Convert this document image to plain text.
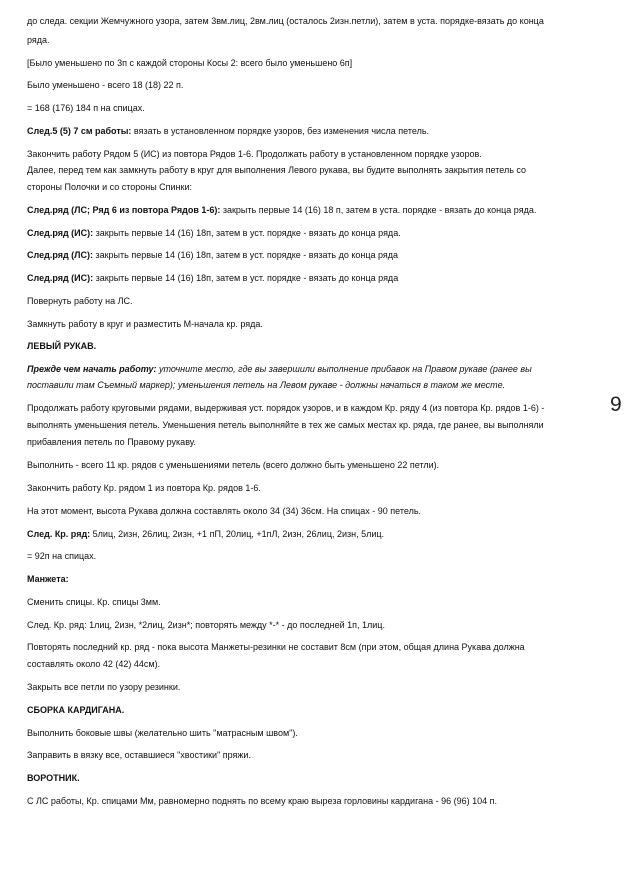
до следа. секции Жемчужного узора, затем 3вм.лиц, 2вм.лиц (осталось 2изн.петли), затем в уста. порядке-вязать до конца
ряда.
[Было уменьшено по 3п с каждой стороны Косы 2: всего было уменьшено 6п]
Было уменьшено - всего 18 (18) 22 п.
= 168 (176) 184 п на спицах.
След.5 (5) 7 см работы: вязать в установленном порядке узоров, без изменения числа петель.
Закончить работу Рядом 5 (ИС) из повтора Рядов 1-6. Продолжать работу в установленном порядке узоров.
Далее, перед тем как замкнуть работу в круг для выполнения Левого рукава, вы будите выполнять закрытия петель со
стороны Полочки и со стороны Спинки:
След.ряд (ЛС; Ряд 6 из повтора Рядов 1-6): закрыть первые 14 (16) 18 п, затем в уста. порядке - вязать до конца ряда.
След.ряд (ИС): закрыть первые 14 (16) 18п, затем в уст. порядке - вязать до конца ряда.
След.ряд (ЛС): закрыть первые 14 (16) 18п, затем в уст. порядке - вязать до конца ряда
След.ряд (ИС): закрыть первые 14 (16) 18п, затем в уст. порядке - вязать до конца ряда
Повернуть работу на ЛС.
Замкнуть работу в круг и разместить М-начала кр. ряда.
ЛЕВЫЙ РУКАВ.
Прежде чем начать работу: уточните место, где вы завершили выполнение прибавок на Правом рукаве (ранее вы
поставили там Съемный маркер); уменьшения петель на Левом рукаве - должны начаться в таком же месте.
Продолжать работу круговыми рядами, выдерживая уст. порядок узоров, и в каждом Кр. ряду 4 (из повтора Кр. рядов 1-6) -
выполнять уменьшения петель. Уменьшения петель выполняйте в тех же самых местах кр. ряда, где ранее, вы выполняли
прибавления петель по Правому рукаву.
Выполнить - всего 11 кр. рядов с уменьшениями петель (всего должно быть уменьшено 22 петли).
Закончить работу Кр. рядом 1 из повтора Кр. рядов 1-6.
На этот момент, высота Рукава должна составлять около 34 (34) 36см. На спицах - 90 петель.
След. Кр. ряд: 5лиц, 2изн, 26лиц, 2изн, +1 пП, 20лиц, +1пЛ, 2изн, 26лиц, 2изн, 5лиц.
= 92п на спицах.
Манжета:
Сменить спицы. Кр. спицы 3мм.
След. Кр. ряд: 1лиц, 2изн, *2лиц, 2изн*; повторять между *-* - до последней 1п, 1лиц.
Повторять последний кр. ряд - пока высота Манжеты-резинки не составит 8см (при этом, общая длина Рукава должна
составлять около 42 (42) 44см).
Закрыть все петли по узору резинки.
СБОРКА КАРДИГАНА.
Выполнить боковые швы (желательно шить "матрасным швом").
Заправить в вязку все, оставшиеся "хвостики" пряжи.
ВОРОТНИК.
С ЛС работы, Кр. спицами Мм, равномерно поднять по всему краю выреза горловины кардигана - 96 (96) 104 п.
9
